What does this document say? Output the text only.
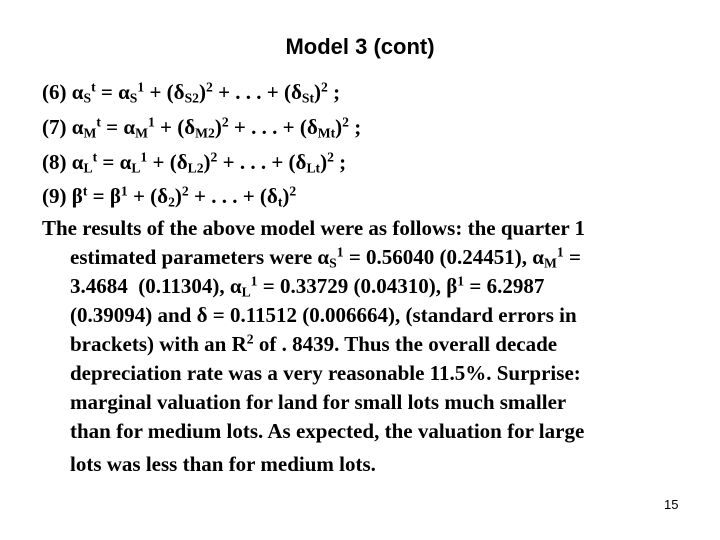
Model 3 (cont)
(6) $\alpha_S^t = \alpha_S^1 + (\delta_{S2})^2$ + . . . + $(\delta_{St})^2$ ;
(7) $\alpha_M^t = \alpha_M^1 + (\delta_{M2})^2$ + . . . + $(\delta_{Mt})^2$ ;
(8) $\alpha_L^t = \alpha_L^1 + (\delta_{L2})^2$ + . . . + $(\delta_{Lt})^2$ ;
(9) $\beta^t = \beta^1 + (\delta_2)^2$ + . . . + $(\delta_t)^2$
The results of the above model were as follows: the quarter 1
estimated parameters were $\alpha_S^1 = 0.56040$ (0.24451), $\alpha_M^1$ =
3.4684  (0.11304), $\alpha_L^1 = 0.33729$ (0.04310), $\beta^1 = 6.2987$
(0.39094) and δ = 0.11512 (0.006664), (standard errors in
brackets) with an $R^2$ of . 8439. Thus the overall decade
depreciation rate was a very reasonable 11.5%. Surprise:
marginal valuation for land for small lots much smaller
than for medium lots. As expected, the valuation for large
lots was less than for medium lots.
15
